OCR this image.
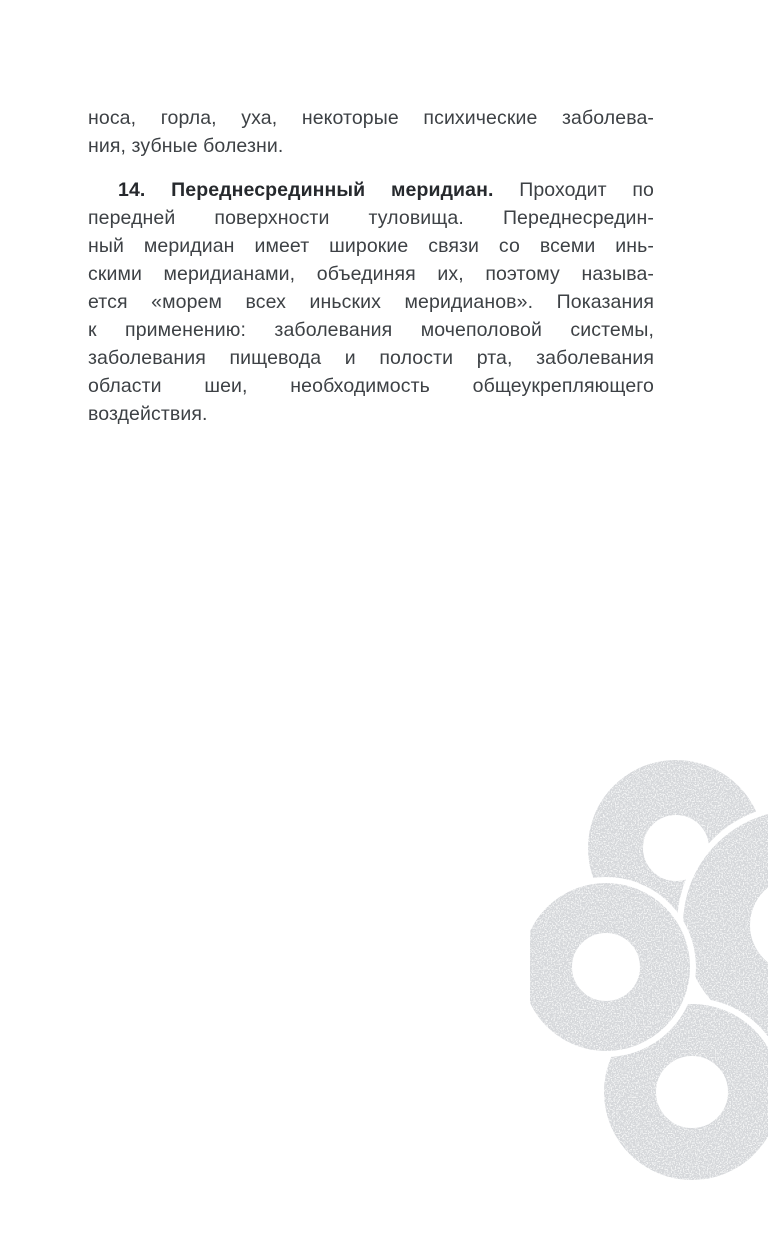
носа, горла, уха, некоторые психические заболева-
ния, зубные болезни.
14. Переднесрединный меридиан. Проходит по
передней поверхности туловища. Переднесредин-
ный меридиан имеет широкие связи со всеми инь-
скими меридианами, объединяя их, поэтому называ-
ется «морем всех иньских меридианов». Показания
к применению: заболевания мочеполовой системы,
заболевания пищевода и полости рта, заболевания
области шеи, необходимость общеукрепляющего
воздействия.
